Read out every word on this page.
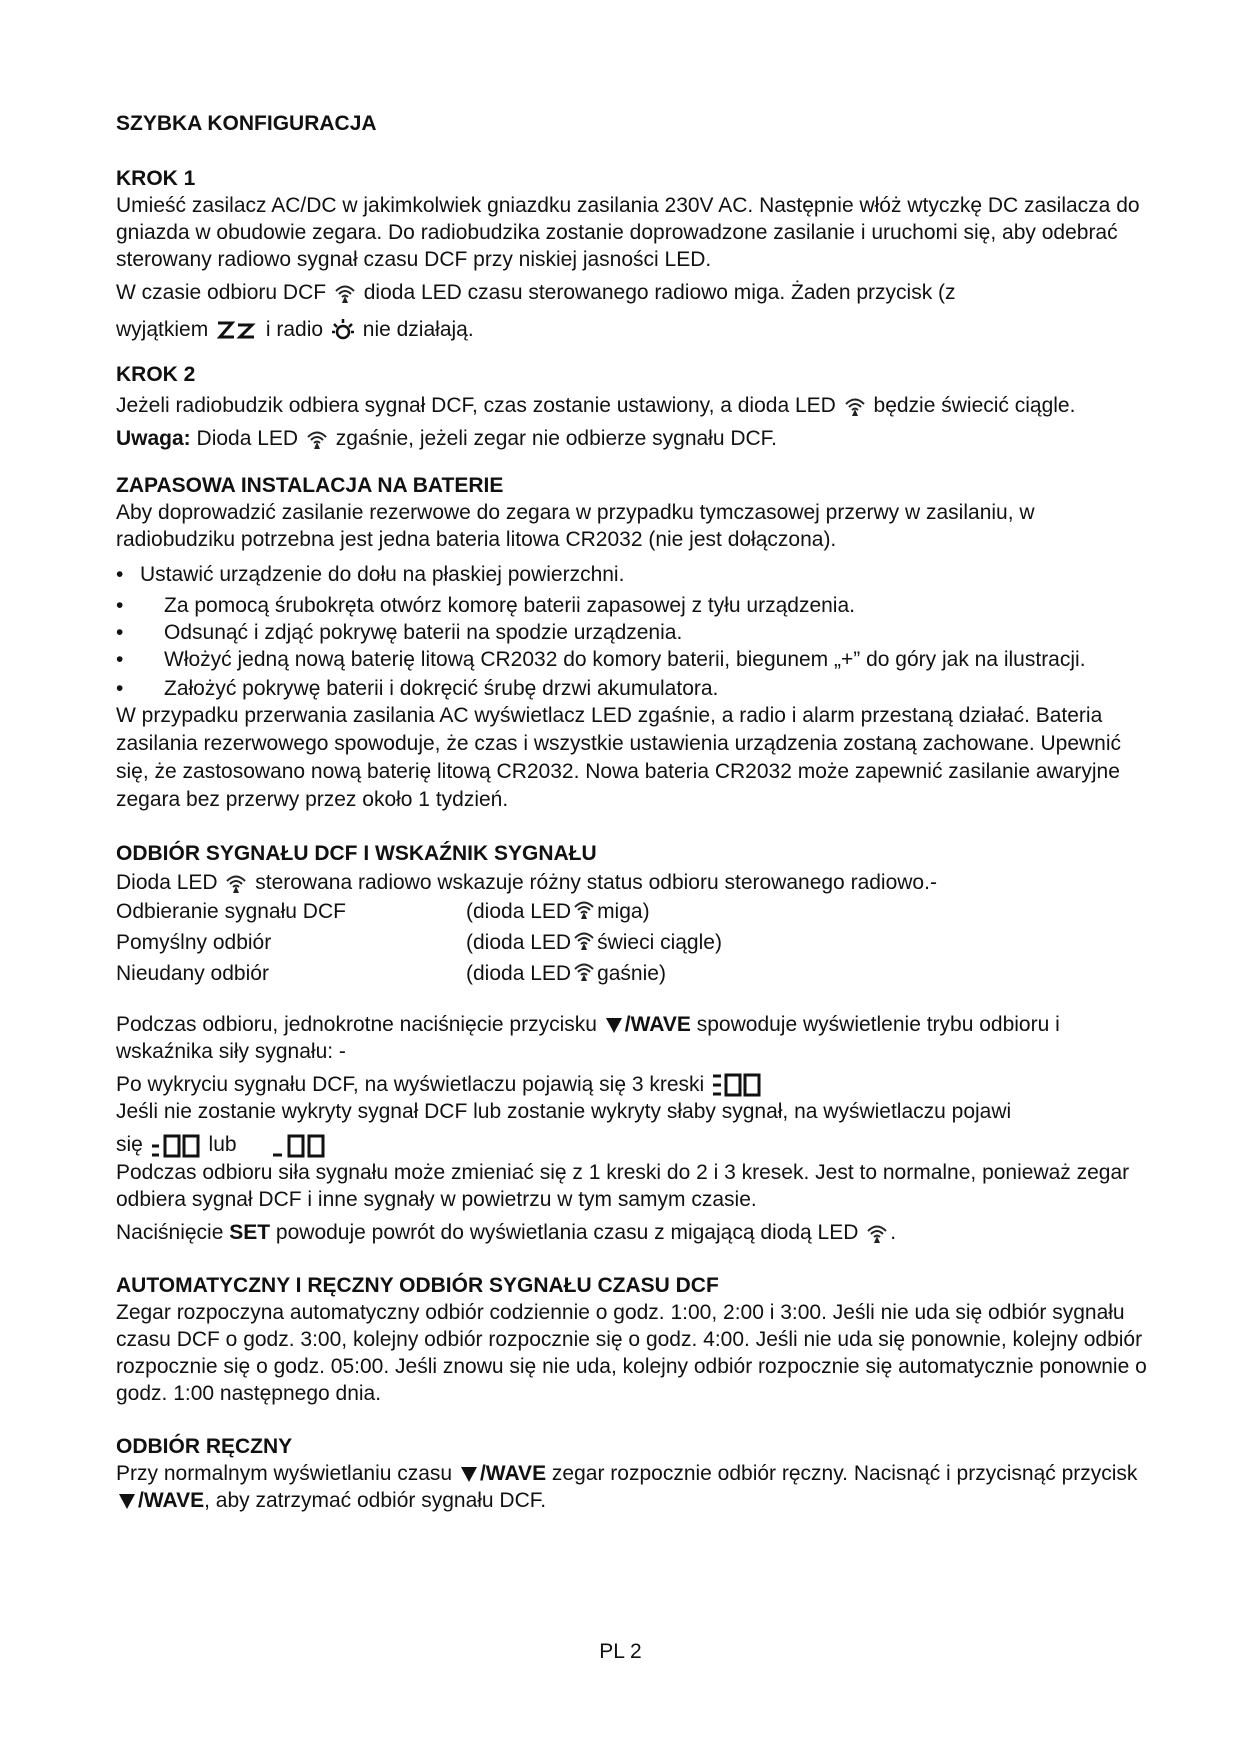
SZYBKA KONFIGURACJA

KROK 1

Umieść zasilacz AC/DC w jakimkolwiek gniazdku zasilania 230V AC. Następnie włóż wtyczkę DC zasilacza do gniazda w obudowie zegara. Do radiobudzika zostanie doprowadzone zasilanie i uruchomi się, aby odebrać sterowany radiowo sygnał czasu DCF przy niskiej jasności LED.

W czasie odbioru DCF dioda LED czasu sterowanego radiowo miga. Żaden przycisk (z

wyjątkiem	i radio nie działają.

KROK 2

Jeżeli radiobudzik odbiera sygnał DCF, czas zostanie ustawiony, a dioda LED będzie świecić ciągle.

Uwaga: Dioda LED zgaśnie, jeżeli zegar nie odbierze sygnału DCF.

ZAPASOWA INSTALACJA NA BATERIE

Aby doprowadzić zasilanie rezerwowe do zegara w przypadku tymczasowej przerwy w zasilaniu, w radiobudziku potrzebna jest jedna bateria litowa CR2032 (nie jest dołączona).

• Ustawić urządzenie do dołu na płaskiej powierzchni.
•	Za pomocą śrubokręta otwórz komorę baterii zapasowej z tyłu urządzenia.
•	Odsunąć i zdjąć pokrywę baterii na spodzie urządzenia.
•	Włożyć jedną nową baterię litową CR2032 do komory baterii, biegunem „+” do góry jak na ilustracji.
•	Założyć pokrywę baterii i dokręcić śrubę drzwi akumulatora.

W przypadku przerwania zasilania AC wyświetlacz LED zgaśnie, a radio i alarm przestaną działać. Bateria zasilania rezerwowego spowoduje, że czas i wszystkie ustawienia urządzenia zostaną zachowane. Upewnić się, że zastosowano nową baterię litową CR2032. Nowa bateria CR2032 może zapewnić zasilanie awaryjne zegara bez przerwy przez około 1 tydzień.

ODBIÓR SYGNAŁU DCF I WSKAŹNIK SYGNAŁU

Dioda LED sterowana radiowo wskazuje różny status odbioru sterowanego radiowo.-

Odbieranie sygnału DCF	(dioda LED miga)
Pomyślny odbiór	(dioda LED świeci ciągle)
Nieudany odbiór	(dioda LED gaśnie)

Podczas odbioru, jednokrotne naciśnięcie przycisku /WAVE spowoduje wyświetlenie trybu odbioru i wskaźnika siły sygnału: -

Po wykryciu sygnału DCF, na wyświetlaczu pojawią się 3 kreski

Jeśli nie zostanie wykryty sygnał DCF lub zostanie wykryty słaby sygnał, na wyświetlaczu pojawi

się	lub

Podczas odbioru siła sygnału może zmieniać się z 1 kreski do 2 i 3 kresek. Jest to normalne, ponieważ zegar odbiera sygnał DCF i inne sygnały w powietrzu w tym samym czasie.

Naciśnięcie SET powoduje powrót do wyświetlania czasu z migającą diodą LED .

AUTOMATYCZNY I RĘCZNY ODBIÓR SYGNAŁU CZASU DCF

Zegar rozpoczyna automatyczny odbiór codziennie o godz. 1:00, 2:00 i 3:00. Jeśli nie uda się odbiór sygnału czasu DCF o godz. 3:00, kolejny odbiór rozpocznie się o godz. 4:00. Jeśli nie uda się ponownie, kolejny odbiór rozpocznie się o godz. 05:00. Jeśli znowu się nie uda, kolejny odbiór rozpocznie się automatycznie ponownie o godz. 1:00 następnego dnia.

ODBIÓR RĘCZNY

Przy normalnym wyświetlaniu czasu /WAVE zegar rozpocznie odbiór ręczny. Nacisnąć i przycisnąć przycisk
/WAVE, aby zatrzymać odbiór sygnału DCF.

PL 2
